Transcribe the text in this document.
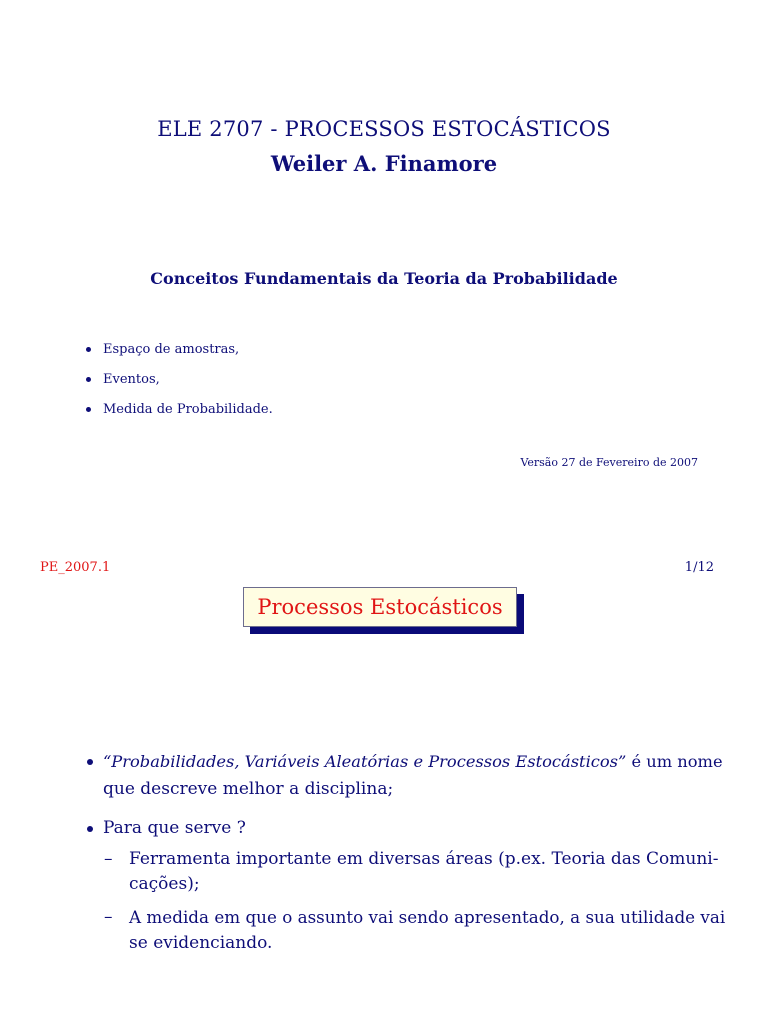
ELE 2707 - PROCESSOS ESTOCÁSTICOS
Weiler A. Finamore
Conceitos Fundamentais da Teoria da Probabilidade
Espaço de amostras,
Eventos,
Medida de Probabilidade.
Versão 27 de Fevereiro de 2007
PE_2007.1	1/12
Processos Estocásticos
“Probabilidades, Variáveis Aleatórias e Processos Estocásticos” é um nome
que descreve melhor a disciplina;
Para que serve ?
– Ferramenta importante em diversas áreas (p.ex. Teoria das Comuni-
cações);
– A medida em que o assunto vai sendo apresentado, a sua utilidade vai
se evidenciando.
